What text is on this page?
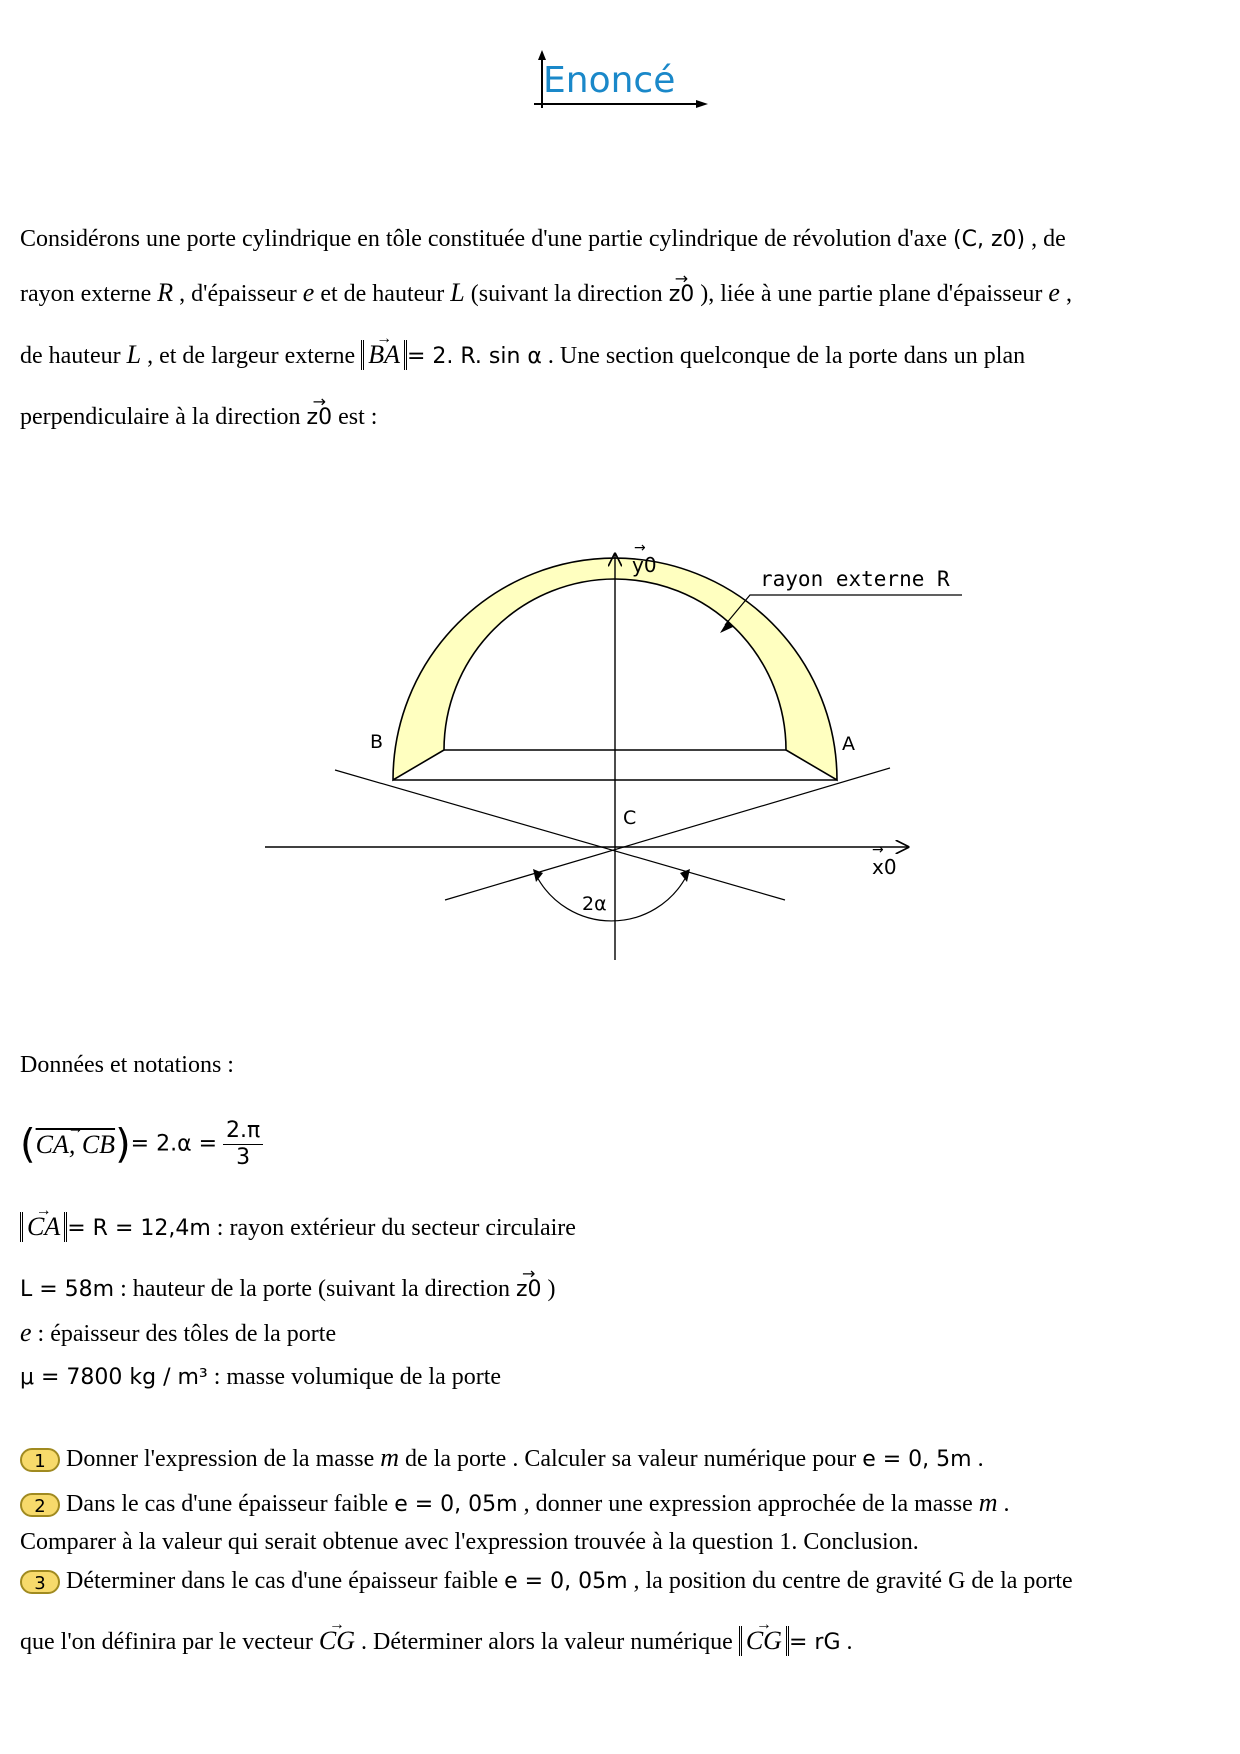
Enoncé
Considérons une porte cylindrique en tôle constituée d'une partie cylindrique de révolution d'axe (C, z0) , de
rayon externe R , d'épaisseur e et de hauteur L (suivant la direction → z0 ), liée à une partie plane d'épaisseur e ,
de hauteur L , et de largeur externe → BA = 2. R. sin α . Une section quelconque de la porte dans un plan
perpendiculaire à la direction → z0 est :
y0
→
x0
→
B	A
C
2α
rayon externe R
Données et notations :
(→ CA, $CB)= 2.\alpha = \frac{2.\pi}{3}$
→ CA = R = 12,4m : rayon extérieur du secteur circulaire
L = 58m : hauteur de la porte (suivant la direction → z0 )
e : épaisseur des tôles de la porte
μ = 7800 kg / m³ : masse volumique de la porte
1 Donner l'expression de la masse m de la porte . Calculer sa valeur numérique pour e = 0, 5m .
2 Dans le cas d'une épaisseur faible e = 0, 05m , donner une expression approchée de la masse m .
Comparer à la valeur qui serait obtenue avec l'expression trouvée à la question 1. Conclusion.
3 Déterminer dans le cas d'une épaisseur faible e = 0, 05m , la position du centre de gravité G de la porte
que l'on définira par le vecteur → CG . Déterminer alors la valeur numérique → CG = rG .
